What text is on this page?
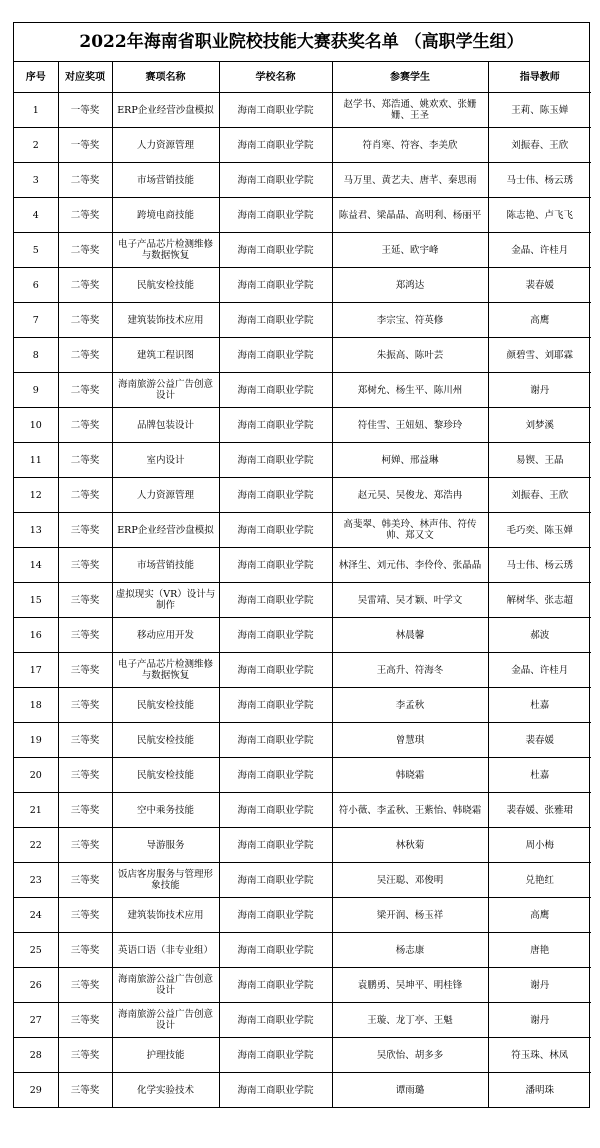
2022年海南省职业院校技能大赛获奖名单 （高职学生组）
序号	对应奖项	赛项名称	学校名称	参赛学生	指导教师
1	一等奖	ERP企业经营沙盘模拟	海南工商职业学院	赵学书、郑浩通、姚欢欢、张姗姗、王圣	王莉、陈玉婵
2	一等奖	人力资源管理	海南工商职业学院	符肖寒、符容、李美欣	刘振春、王欣
3	二等奖	市场营销技能	海南工商职业学院	马万里、黄艺夫、唐芊、秦思雨	马士伟、杨云琇
4	二等奖	跨境电商技能	海南工商职业学院	陈益君、梁晶晶、高明利、杨丽平	陈志艳、卢飞飞
5	二等奖	电子产品芯片检测维修与数据恢复	海南工商职业学院	王延、欧宇峰	金晶、许桂月
6	二等奖	民航安检技能	海南工商职业学院	郑鸿达	裴春媛
7	二等奖	建筑装饰技术应用	海南工商职业学院	李宗宝、符英修	高鹰
8	二等奖	建筑工程识图	海南工商职业学院	朱振高、陈叶芸	颜碧雪、刘耶霖
9	二等奖	海南旅游公益广告创意设计	海南工商职业学院	郑树允、杨生平、陈川州	谢丹
10	二等奖	品牌包装设计	海南工商职业学院	符佳雪、王妞妞、黎珍玲	刘梦溪
11	二等奖	室内设计	海南工商职业学院	柯婵、邢益琳	易锲、王晶
12	二等奖	人力资源管理	海南工商职业学院	赵元昊、吴俊龙、郑浩冉	刘振春、王欣
13	三等奖	ERP企业经营沙盘模拟	海南工商职业学院	高斐翠、韩美玲、林声伟、符传帅、郑又文	毛巧奕、陈玉婵
14	三等奖	市场营销技能	海南工商职业学院	林泽生、刘元伟、李伶伶、张晶晶	马士伟、杨云琇
15	三等奖	虚拟现实（VR）设计与制作	海南工商职业学院	吴雷靖、吴才颖、叶学文	解树华、张志超
16	三等奖	移动应用开发	海南工商职业学院	林晨馨	郝波
17	三等奖	电子产品芯片检测维修与数据恢复	海南工商职业学院	王高升、符海冬	金晶、许桂月
18	三等奖	民航安检技能	海南工商职业学院	李孟秋	杜嘉
19	三等奖	民航安检技能	海南工商职业学院	曾慧琪	裴春媛
20	三等奖	民航安检技能	海南工商职业学院	韩晓霜	杜嘉
21	三等奖	空中乘务技能	海南工商职业学院	符小薇、李孟秋、王紫怡、韩晓霜	裴春媛、张雅珺
22	三等奖	导游服务	海南工商职业学院	林秋菊	周小梅
23	三等奖	饭店客房服务与管理形象技能	海南工商职业学院	吴汪聪、邓俊明	兑艳红
24	三等奖	建筑装饰技术应用	海南工商职业学院	梁开润、杨玉祥	高鹰
25	三等奖	英语口语（非专业组）	海南工商职业学院	杨志康	唐艳
26	三等奖	海南旅游公益广告创意设计	海南工商职业学院	袁鹏勇、吴坤平、明桂锋	谢丹
27	三等奖	海南旅游公益广告创意设计	海南工商职业学院	王璇、龙丁亭、王魁	谢丹
28	三等奖	护理技能	海南工商职业学院	吴欣怡、胡多多	符玉珠、林凤
29	三等奖	化学实验技术	海南工商职业学院	谭雨璐	潘明珠
